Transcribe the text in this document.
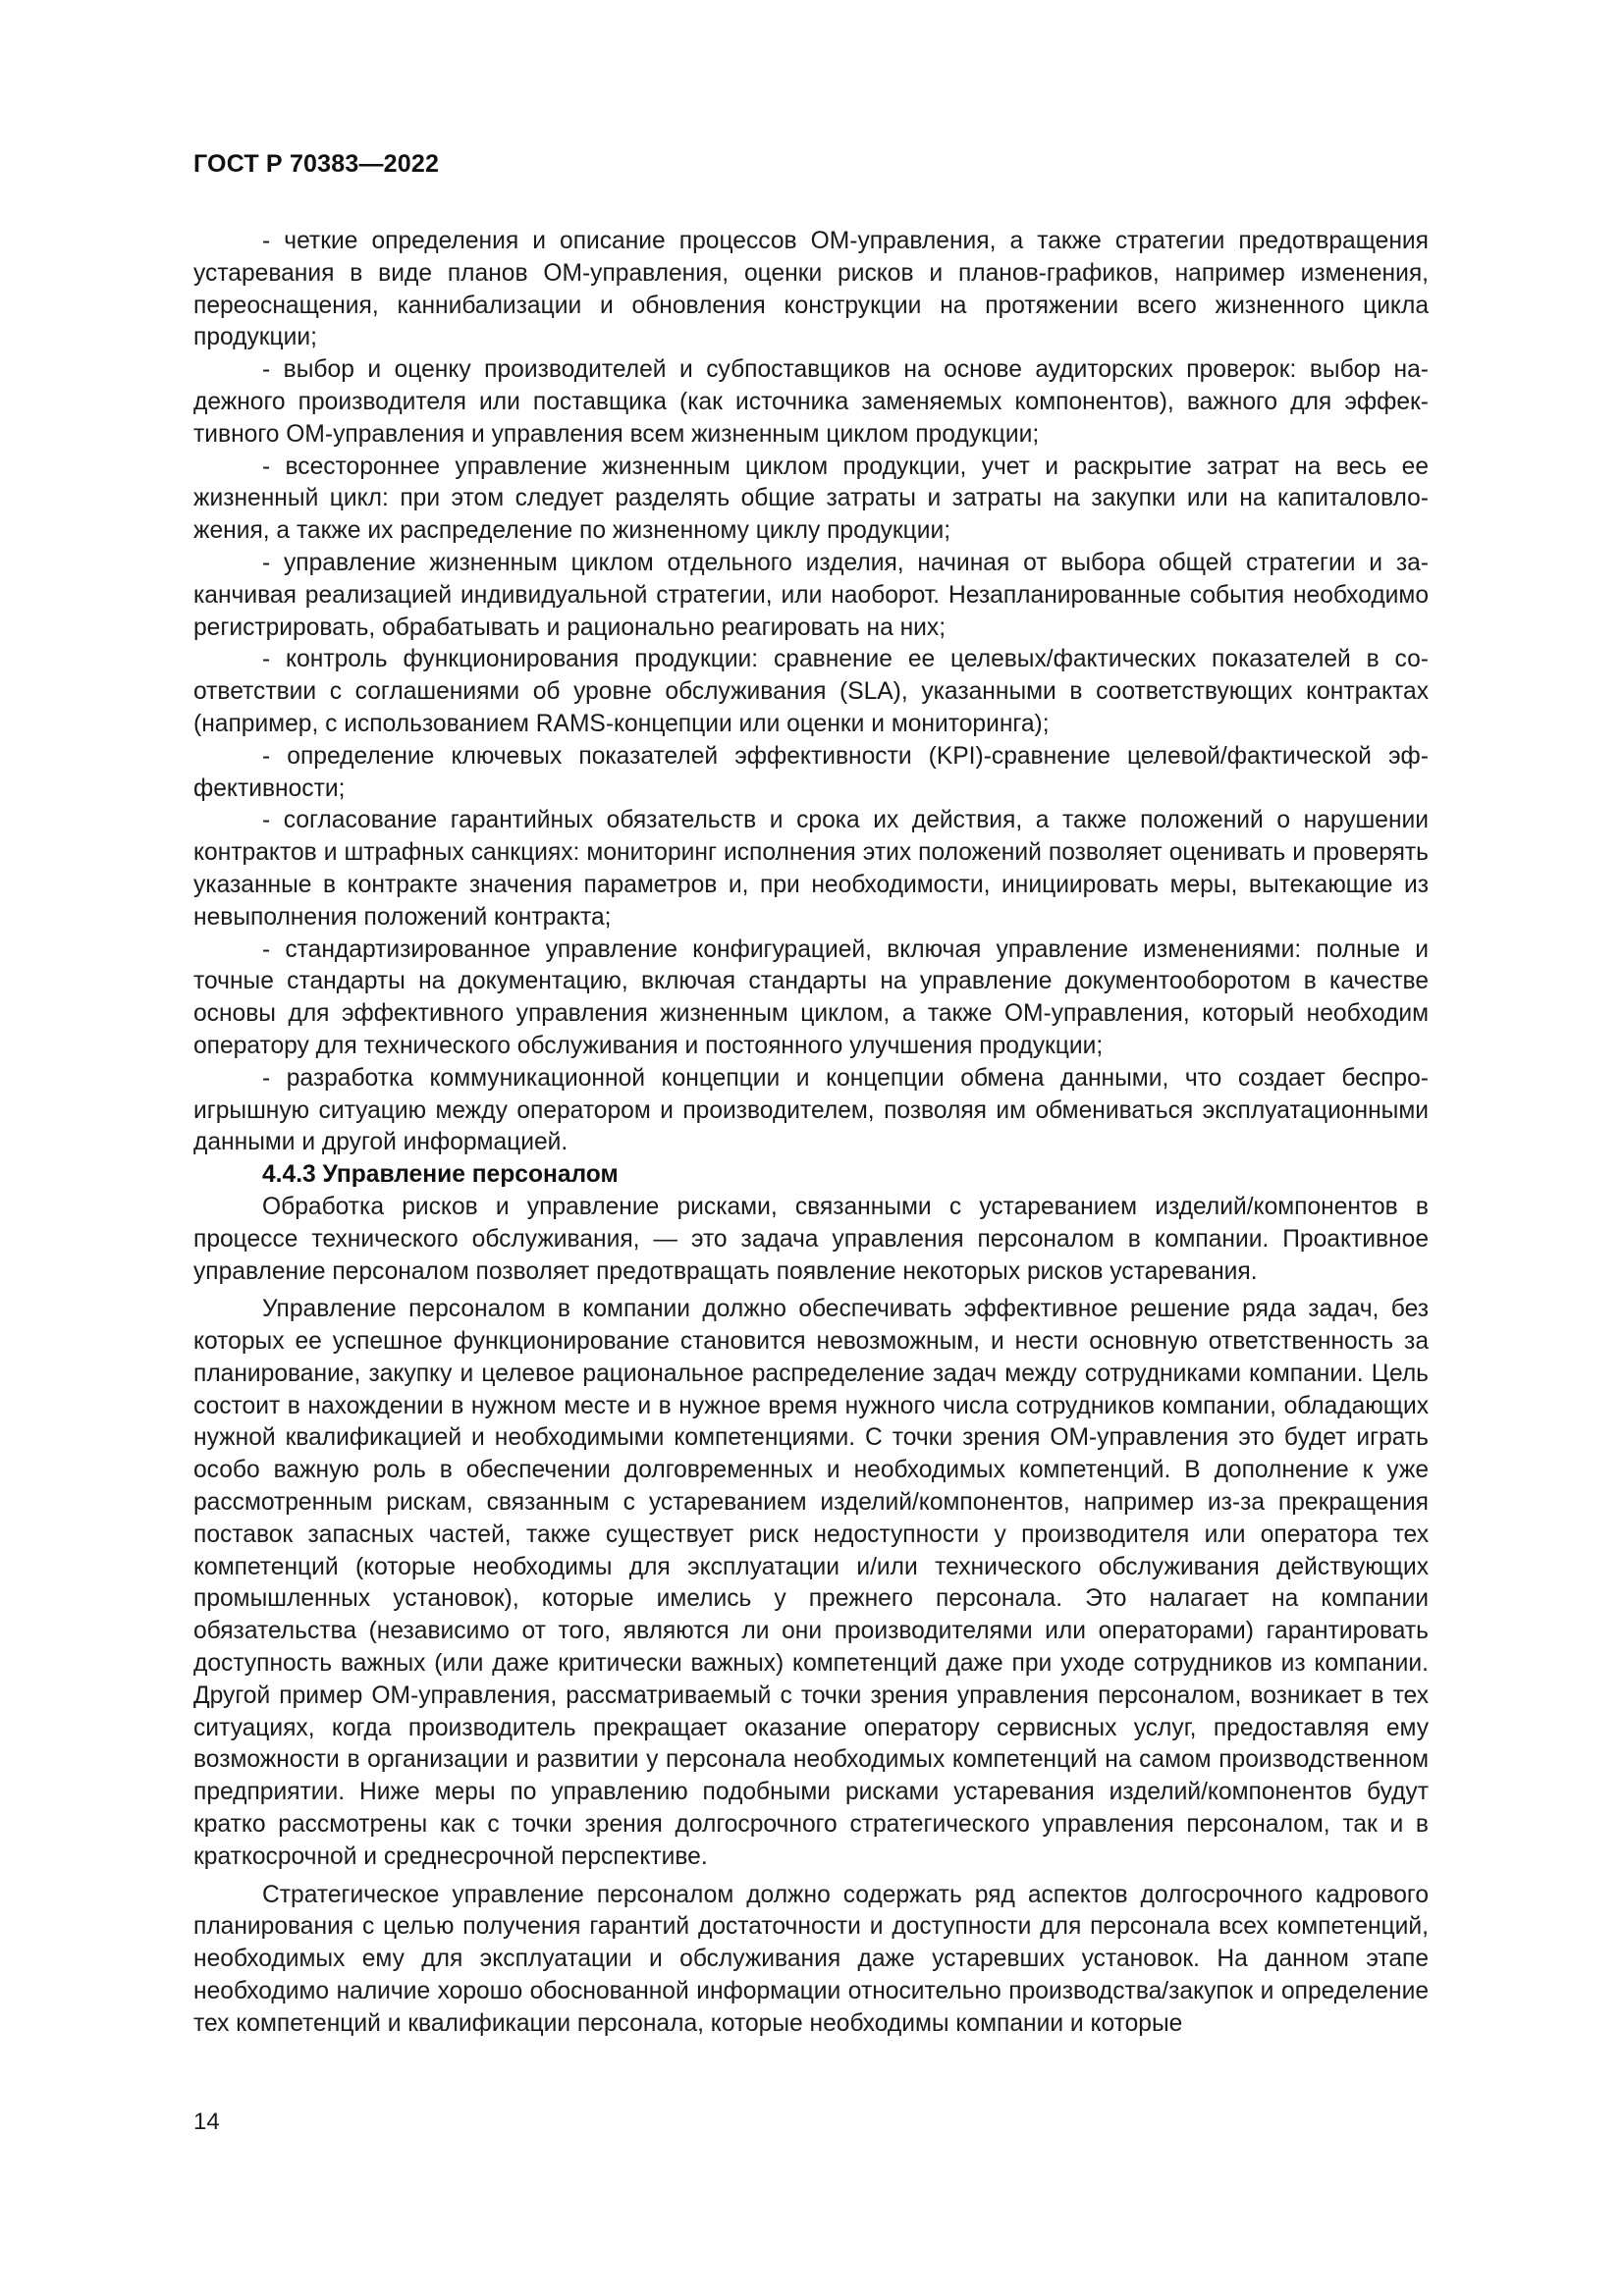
ГОСТ Р 70383—2022

- четкие определения и описание процессов ОМ-управления, а также стратегии предотвращения устаревания в виде планов ОМ-управления, оценки рисков и планов-графиков, например изменения, переоснащения, каннибализации и обновления конструкции на протяжении всего жизненного цикла продукции;

- выбор и оценку производителей и субпоставщиков на основе аудиторских проверок: выбор надежного производителя или поставщика (как источника заменяемых компонентов), важного для эффективного ОМ-управления и управления всем жизненным циклом продукции;

- всестороннее управление жизненным циклом продукции, учет и раскрытие затрат на весь ее жизненный цикл: при этом следует разделять общие затраты и затраты на закупки или на капиталовложения, а также их распределение по жизненному циклу продукции;

- управление жизненным циклом отдельного изделия, начиная от выбора общей стратегии и заканчивая реализацией индивидуальной стратегии, или наоборот. Незапланированные события необходимо регистрировать, обрабатывать и рационально реагировать на них;

- контроль функционирования продукции: сравнение ее целевых/фактических показателей в соответствии с соглашениями об уровне обслуживания (SLA), указанными в соответствующих контрактах (например, с использованием RAMS-концепции или оценки и мониторинга);

- определение ключевых показателей эффективности (KPI)-сравнение целевой/фактической эффективности;

- согласование гарантийных обязательств и срока их действия, а также положений о нарушении контрактов и штрафных санкциях: мониторинг исполнения этих положений позволяет оценивать и проверять указанные в контракте значения параметров и, при необходимости, инициировать меры, вытекающие из невыполнения положений контракта;

- стандартизированное управление конфигурацией, включая управление изменениями: полные и точные стандарты на документацию, включая стандарты на управление документооборотом в качестве основы для эффективного управления жизненным циклом, а также ОМ-управления, который необходим оператору для технического обслуживания и постоянного улучшения продукции;

- разработка коммуникационной концепции и концепции обмена данными, что создает беспроигрышную ситуацию между оператором и производителем, позволяя им обмениваться эксплуатационными данными и другой информацией.

4.4.3 Управление персоналом

Обработка рисков и управление рисками, связанными с устареванием изделий/компонентов в процессе технического обслуживания, — это задача управления персоналом в компании. Проактивное управление персоналом позволяет предотвращать появление некоторых рисков устаревания.

Управление персоналом в компании должно обеспечивать эффективное решение ряда задач, без которых ее успешное функционирование становится невозможным, и нести основную ответственность за планирование, закупку и целевое рациональное распределение задач между сотрудниками компании. Цель состоит в нахождении в нужном месте и в нужное время нужного числа сотрудников компании, обладающих нужной квалификацией и необходимыми компетенциями. С точки зрения ОМ-управления это будет играть особо важную роль в обеспечении долговременных и необходимых компетенций. В дополнение к уже рассмотренным рискам, связанным с устареванием изделий/компонентов, например из-за прекращения поставок запасных частей, также существует риск недоступности у производителя или оператора тех компетенций (которые необходимы для эксплуатации и/или технического обслуживания действующих промышленных установок), которые имелись у прежнего персонала. Это налагает на компании обязательства (независимо от того, являются ли они производителями или операторами) гарантировать доступность важных (или даже критически важных) компетенций даже при уходе сотрудников из компании. Другой пример ОМ-управления, рассматриваемый с точки зрения управления персоналом, возникает в тех ситуациях, когда производитель прекращает оказание оператору сервисных услуг, предоставляя ему возможности в организации и развитии у персонала необходимых компетенций на самом производственном предприятии. Ниже меры по управлению подобными рисками устаревания изделий/компонентов будут кратко рассмотрены как с точки зрения долгосрочного стратегического управления персоналом, так и в краткосрочной и среднесрочной перспективе.

Стратегическое управление персоналом должно содержать ряд аспектов долгосрочного кадрового планирования с целью получения гарантий достаточности и доступности для персонала всех компетенций, необходимых ему для эксплуатации и обслуживания даже устаревших установок. На данном этапе необходимо наличие хорошо обоснованной информации относительно производства/закупок и определение тех компетенций и квалификации персонала, которые необходимы компании и которые

14
